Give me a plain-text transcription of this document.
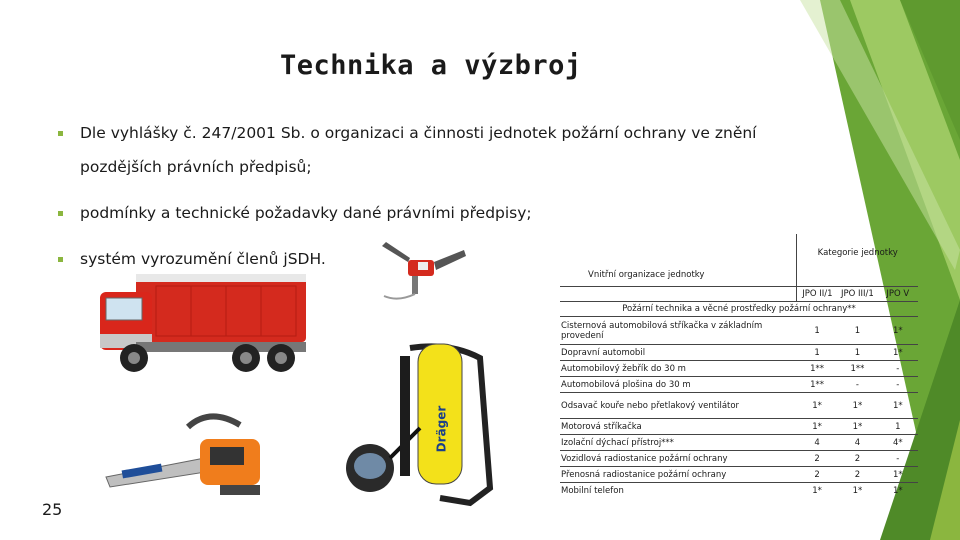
Technika a výzbroj
Dle vyhlášky č. 247/2001 Sb. o organizaci a činnosti jednotek požární ochrany ve znění pozdějších právních předpisů;
podmínky a technické požadavky dané právními předpisy;
systém vyrozumění členů jSDH.
Husqvarna
Dräger
Vnitřní organizace jednotky	Kategorie jednotky		
	JPO II/1	JPO III/1	JPO V
Požární technika a věcné prostředky požární ochrany**			
Cisternová automobilová stříkačka v základním provedení	1	1	1*
Dopravní automobil	1	1	1*
Automobilový žebřík do 30 m	1**	1**	-
Automobilová plošina do 30 m	1**	-	-
Odsavač kouře nebo přetlakový ventilátor	1*	1*	1*
Motorová stříkačka	1*	1*	1
Izolační dýchací přístroj***	4	4	4*
Vozidlová radiostanice požární ochrany	2	2	-
Přenosná radiostanice požární ochrany	2	2	1*
Mobilní telefon	1*	1*	1*
25
